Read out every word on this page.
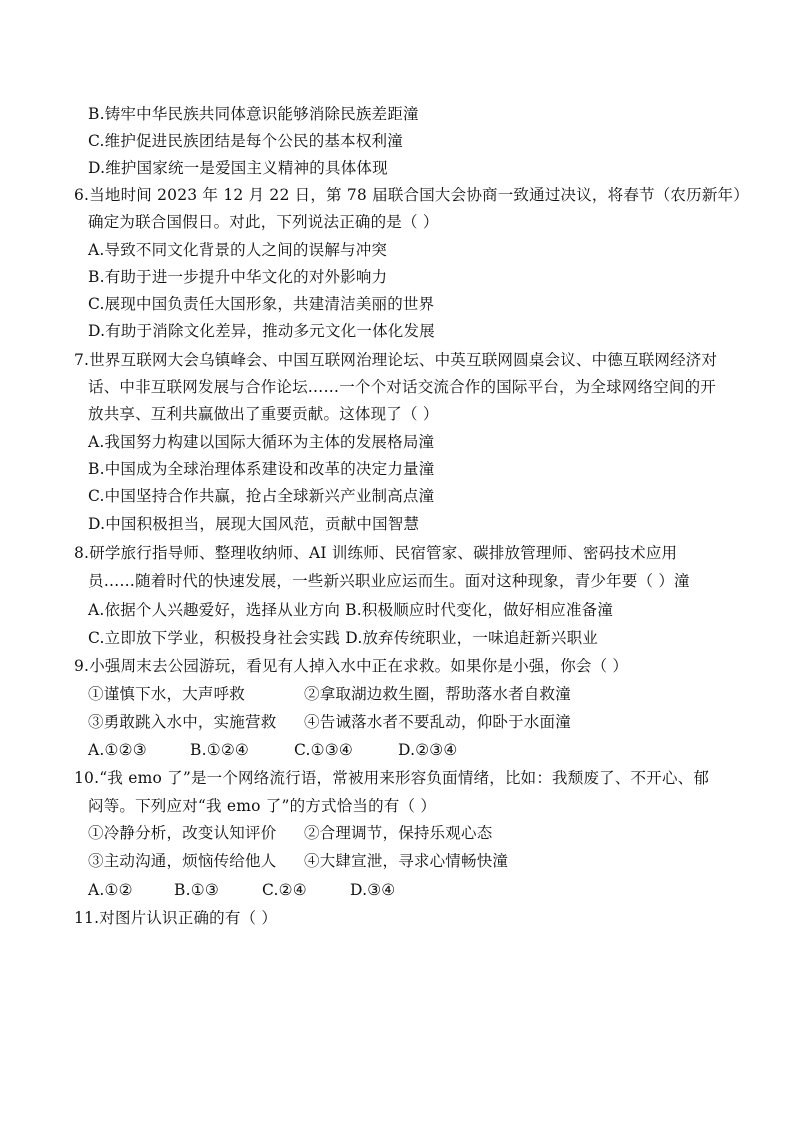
B.铸牢中华民族共同体意识能够消除民族差距潼
C.维护促进民族团结是每个公民的基本权利潼
D.维护国家统一是爱国主义精神的具体体现
6.当地时间 2023 年 12 月 22 日，第 78 届联合国大会协商一致通过决议，将春节（农历新年）
确定为联合国假日。对此，下列说法正确的是（ ）
A.导致不同文化背景的人之间的误解与冲突
B.有助于进一步提升中华文化的对外影响力
C.展现中国负责任大国形象，共建清洁美丽的世界
D.有助于消除文化差异，推动多元文化一体化发展
7.世界互联网大会乌镇峰会、中国互联网治理论坛、中英互联网圆桌会议、中德互联网经济对
话、中非互联网发展与合作论坛……一个个对话交流合作的国际平台，为全球网络空间的开
放共享、互利共赢做出了重要贡献。这体现了（ ）
A.我国努力构建以国际大循环为主体的发展格局潼
B.中国成为全球治理体系建设和改革的决定力量潼
C.中国坚持合作共赢，抢占全球新兴产业制高点潼
D.中国积极担当，展现大国风范，贡献中国智慧
8.研学旅行指导师、整理收纳师、AI 训练师、民宿管家、碳排放管理师、密码技术应用
员……随着时代的快速发展，一些新兴职业应运而生。面对这种现象，青少年要（ ）潼
A.依据个人兴趣爱好，选择从业方向 B.积极顺应时代变化，做好相应准备潼
C.立即放下学业，积极投身社会实践 D.放弃传统职业，一味追赶新兴职业
9.小强周末去公园游玩，看见有人掉入水中正在求救。如果你是小强，你会（ ）
①谨慎下水，大声呼救	②拿取湖边救生圈，帮助落水者自救潼
③勇敢跳入水中，实施营救 ④告诫落水者不要乱动，仰卧于水面潼
A.①②③	B.①②④	C.①③④	D.②③④
10.“我 emo 了”是一个网络流行语，常被用来形容负面情绪，比如：我颓废了、不开心、郁
闷等。下列应对“我 emo 了”的方式恰当的有（ ）
①冷静分析，改变认知评价 ②合理调节，保持乐观心态
③主动沟通，烦恼传给他人 ④大肆宣泄，寻求心情畅快潼
A.①②	B.①③	C.②④	D.③④
11.对图片认识正确的有（ ）
